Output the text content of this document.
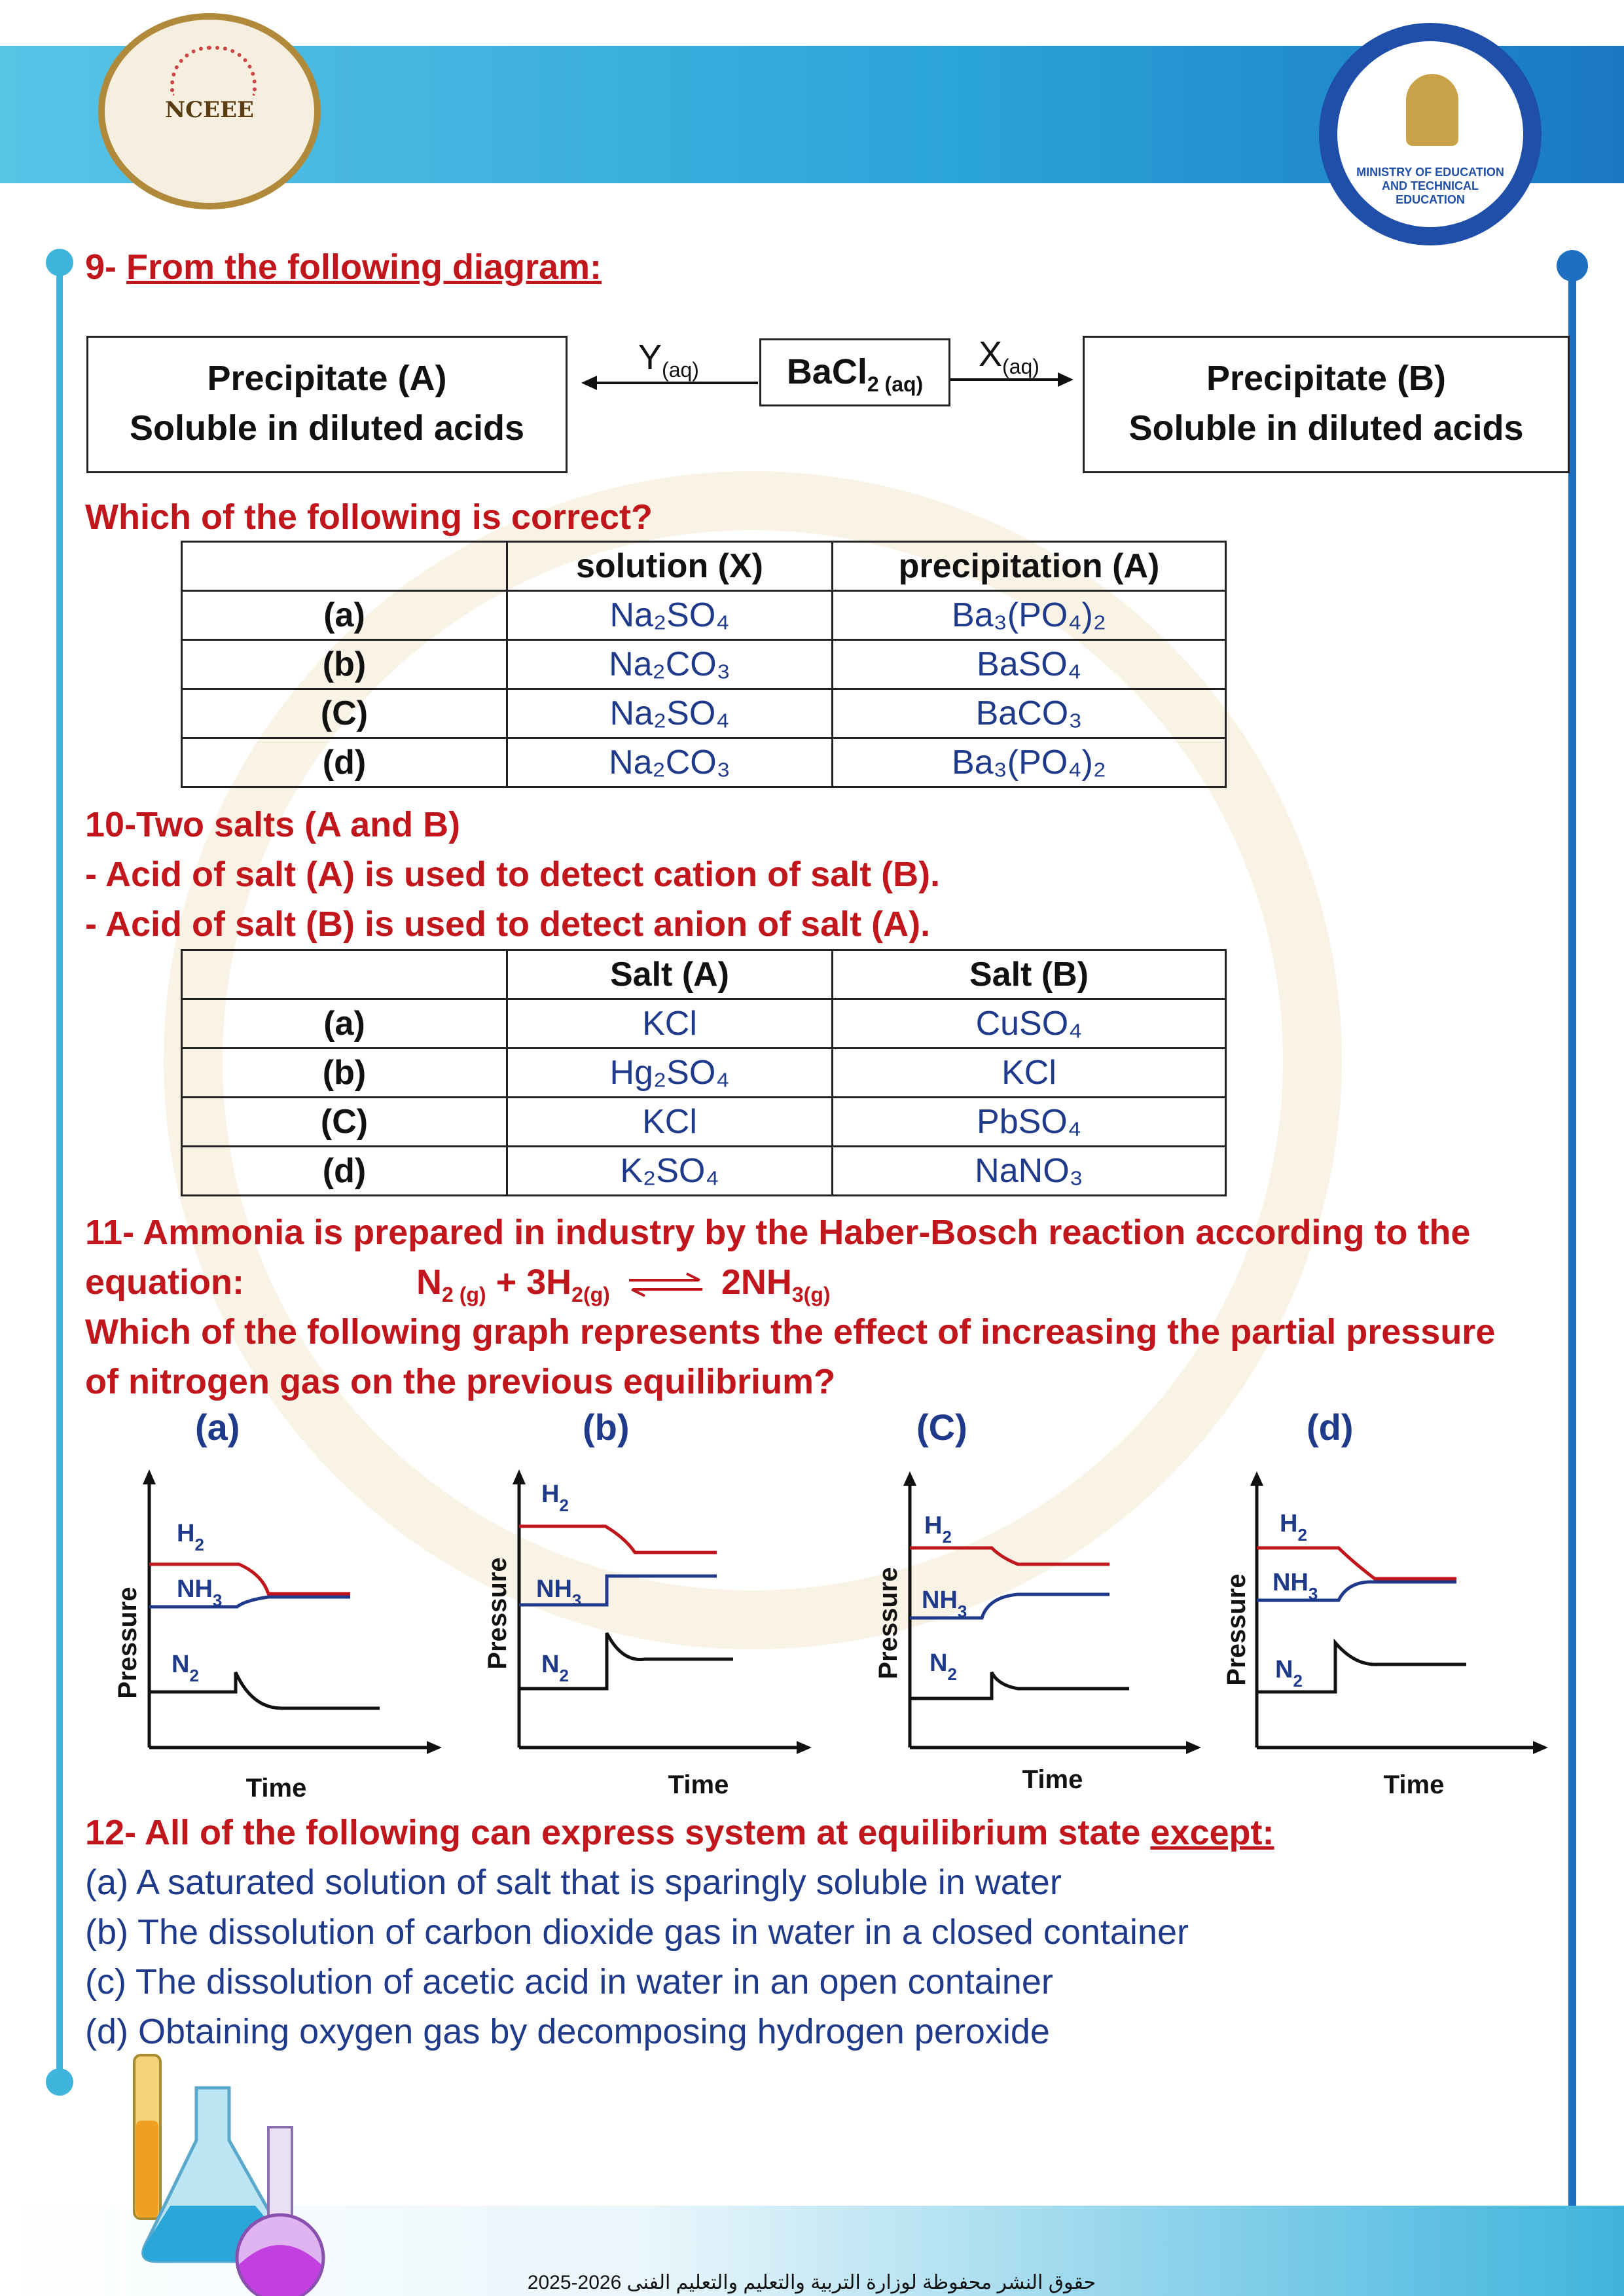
NCEEE
MINISTRY OF EDUCATION AND TECHNICAL EDUCATION
9- From the following diagram:
Precipitate (A)
Soluble in diluted acids
BaCl$_{2 (aq)}$	Precipitate (B)
Soluble in diluted acids
$Y_{(aq)}$	$X_{(aq)}$
Which of the following is correct?
	solution (X)	precipitation (A)
(a)	Na₂SO₄	Ba₃(PO₄)₂
(b)	Na₂CO₃	BaSO₄
(C)	Na₂SO₄	BaCO₃
(d)	Na₂CO₃	Ba₃(PO₄)₂
10-Two salts (A and B)
- Acid of salt (A) is used to detect cation of salt (B).
- Acid of salt (B) is used to detect anion of salt (A).
	Salt (A)	Salt (B)
(a)	KCl	CuSO₄
(b)	Hg₂SO₄	KCl
(C)	KCl	PbSO₄
(d)	K₂SO₄	NaNO₃
11- Ammonia is prepared in industry by the Haber-Bosch reaction according to the
equation:	$N_{2 (g)} + 3H_{2(g)}$ ⇌ $2NH_{3(g)}$
Which of the following graph represents the effect of increasing the partial pressure
of nitrogen gas on the previous equilibrium?
(a)	(b)	(C)	(d)
Pressure
Time
$H_2$
$NH_3$
$N_2$
Pressure
Time
$H_2$
$NH_3$
$N_2$	Pressure
Time
$H_2$
$NH_3$
$N_2$	Pressure
Time
$H_2$
$NH_3$
$N_2$
12- All of the following can express system at equilibrium state except:
(a) A saturated solution of salt that is sparingly soluble in water
(b) The dissolution of carbon dioxide gas in water in a closed container
(c) The dissolution of acetic acid in water in an open container
(d) Obtaining oxygen gas by decomposing hydrogen peroxide
حقوق النشر محفوظة لوزارة التربية والتعليم والتعليم الفنى 2026-2025
